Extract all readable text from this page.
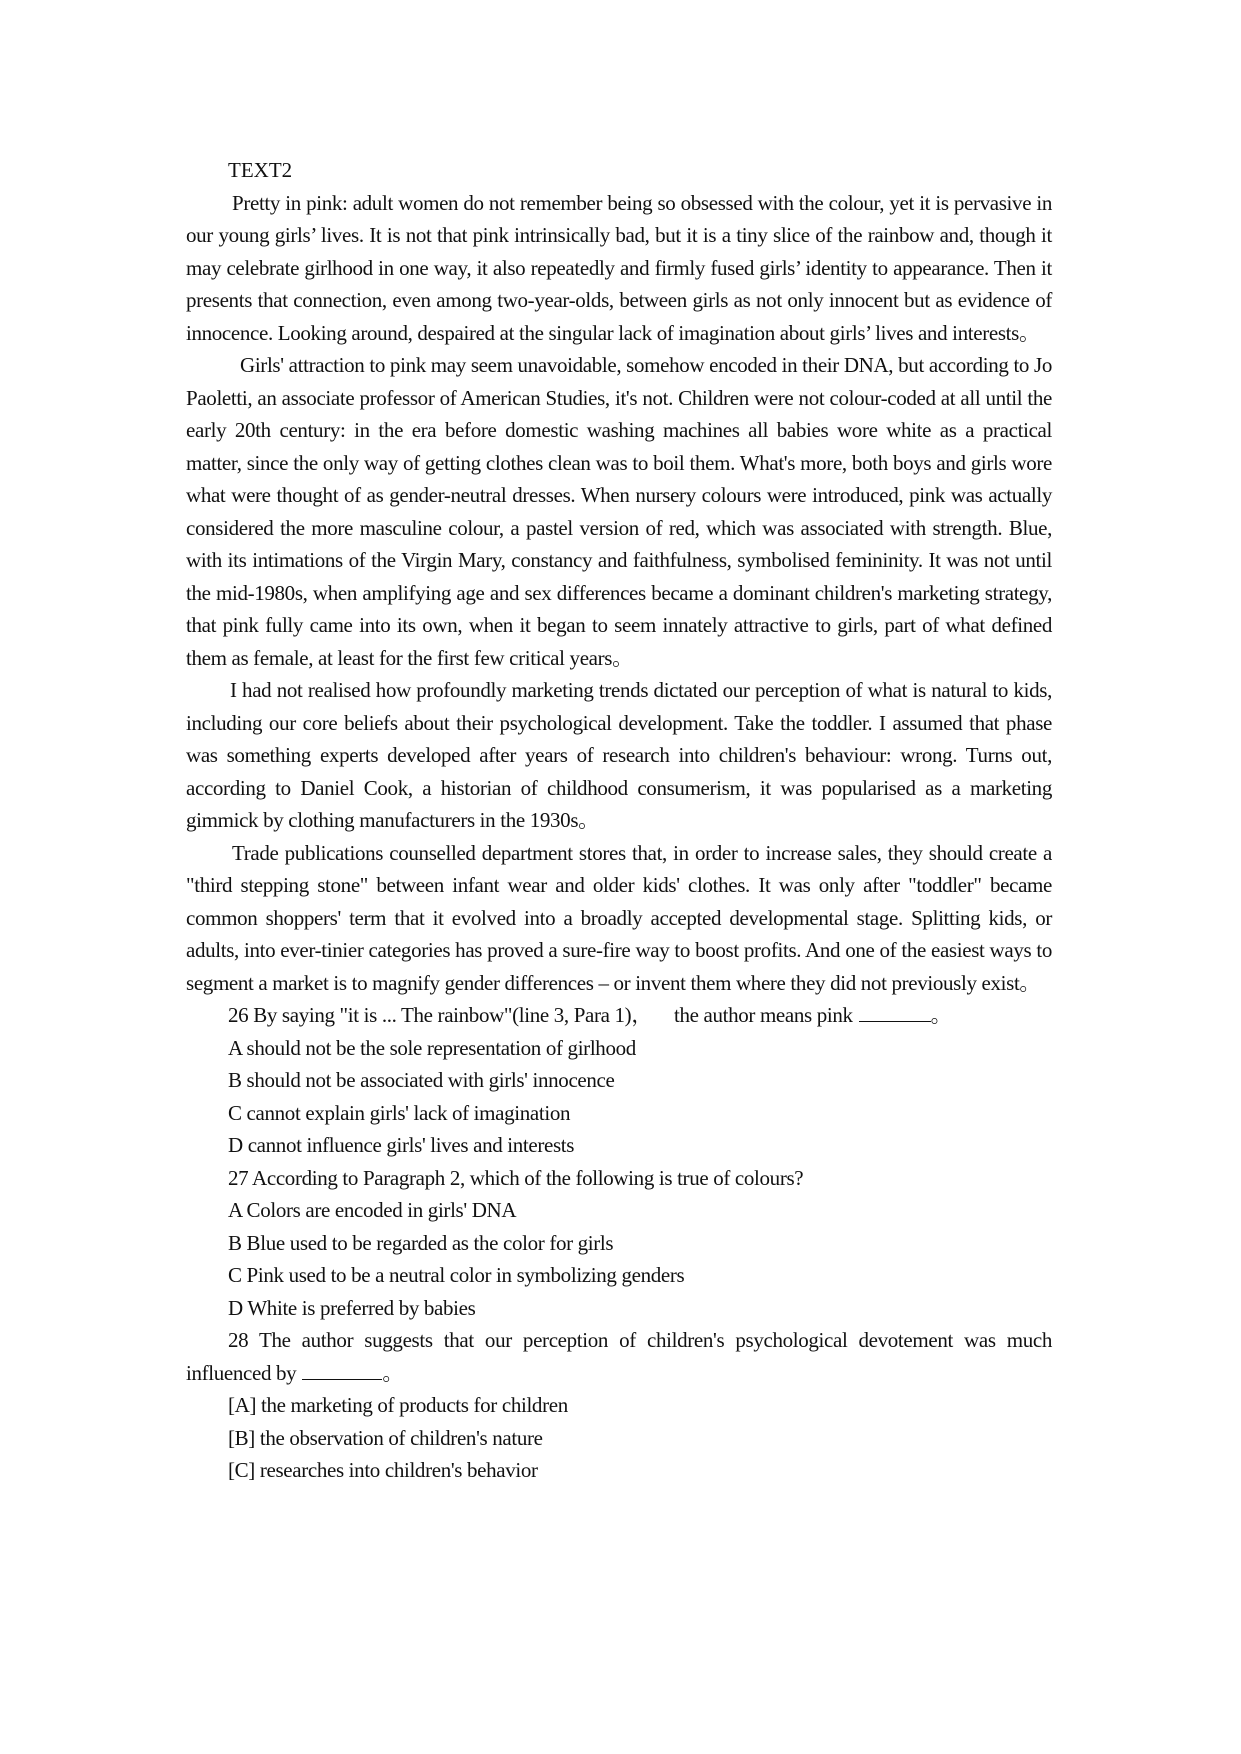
TEXT2

Pretty in pink: adult women do not remember being so obsessed with the colour, yet it is pervasive in our young girls’ lives. It is not that pink intrinsically bad, but it is a tiny slice of the rainbow and, though it may celebrate girlhood in one way, it also repeatedly and firmly fused girls’ identity to appearance. Then it presents that connection, even among two-year-olds, between girls as not only innocent but as evidence of innocence. Looking around, despaired at the singular lack of imagination about girls’ lives and interests。

Girls' attraction to pink may seem unavoidable, somehow encoded in their DNA, but according to Jo Paoletti, an associate professor of American Studies, it's not. Children were not colour-coded at all until the early 20th century: in the era before domestic washing machines all babies wore white as a practical matter, since the only way of getting clothes clean was to boil them. What's more, both boys and girls wore what were thought of as gender-neutral dresses. When nursery colours were introduced, pink was actually considered the more masculine colour, a pastel version of red, which was associated with strength. Blue, with its intimations of the Virgin Mary, constancy and faithfulness, symbolised femininity. It was not until the mid-1980s, when amplifying age and sex differences became a dominant children's marketing strategy, that pink fully came into its own, when it began to seem innately attractive to girls, part of what defined them as female, at least for the first few critical years。

I had not realised how profoundly marketing trends dictated our perception of what is natural to kids, including our core beliefs about their psychological development. Take the toddler. I assumed that phase was something experts developed after years of research into children's behaviour: wrong. Turns out, according to Daniel Cook, a historian of childhood consumerism, it was popularised as a marketing gimmick by clothing manufacturers in the 1930s。

Trade publications counselled department stores that, in order to increase sales, they should create a "third stepping stone" between infant wear and older kids' clothes. It was only after "toddler" became common shoppers' term that it evolved into a broadly accepted developmental stage. Splitting kids, or adults, into ever-tinier categories has proved a sure-fire way to boost profits. And one of the easiest ways to segment a market is to magnify gender differences – or invent them where they did not previously exist。

26 By saying "it is ... The rainbow"(line 3, Para 1)， the author means pink	。

A should not be the sole representation of girlhood

B should not be associated with girls' innocence

C cannot explain girls' lack of imagination

D cannot influence girls' lives and interests

27 According to Paragraph 2, which of the following is true of colours?

A Colors are encoded in girls' DNA

B Blue used to be regarded as the color for girls

C Pink used to be a neutral color in symbolizing genders

D White is preferred by babies

28 The author suggests that our perception of children's psychological devotement was much influenced by	。

[A] the marketing of products for children

[B] the observation of children's nature

[C] researches into children's behavior
